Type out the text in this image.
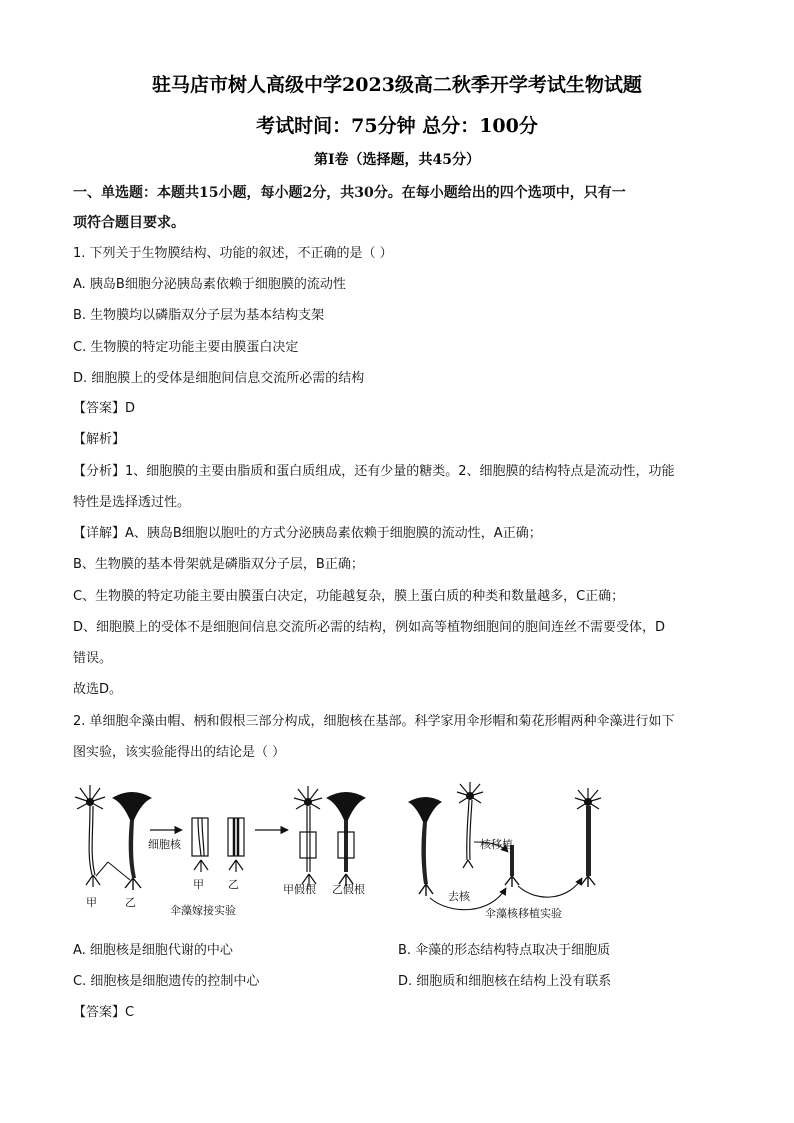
驻马店市树人高级中学2023级高二秋季开学考试生物试题
考试时间：75分钟 总分：100分
第I卷（选择题，共45分）
一、单选题：本题共15小题，每小题2分，共30分。在每小题给出的四个选项中，只有一
项符合题目要求。
1. 下列关于生物膜结构、功能的叙述，不正确的是（ ）
A. 胰岛B细胞分泌胰岛素依赖于细胞膜的流动性
B. 生物膜均以磷脂双分子层为基本结构支架
C. 生物膜的特定功能主要由膜蛋白决定
D. 细胞膜上的受体是细胞间信息交流所必需的结构
【答案】D
【解析】
【分析】1、细胞膜的主要由脂质和蛋白质组成，还有少量的糖类。2、细胞膜的结构特点是流动性，功能
特性是选择透过性。
【详解】A、胰岛B细胞以胞吐的方式分泌胰岛素依赖于细胞膜的流动性，A正确；
B、生物膜的基本骨架就是磷脂双分子层，B正确；
C、生物膜的特定功能主要由膜蛋白决定，功能越复杂，膜上蛋白质的种类和数量越多，C正确；
D、细胞膜上的受体不是细胞间信息交流所必需的结构，例如高等植物细胞间的胞间连丝不需要受体，D
错误。
故选D。
2. 单细胞伞藻由帽、柄和假根三部分构成，细胞核在基部。科学家用伞形帽和菊花形帽两种伞藻进行如下
图实验，该实验能得出的结论是（ ）
细胞核
甲	乙
甲 乙	甲假根 乙假根
伞藻嫁接实验
核移植
去核
伞藻核移植实验
A. 细胞核是细胞代谢的中心	B. 伞藻的形态结构特点取决于细胞质
C. 细胞核是细胞遗传的控制中心	D. 细胞质和细胞核在结构上没有联系
【答案】C
